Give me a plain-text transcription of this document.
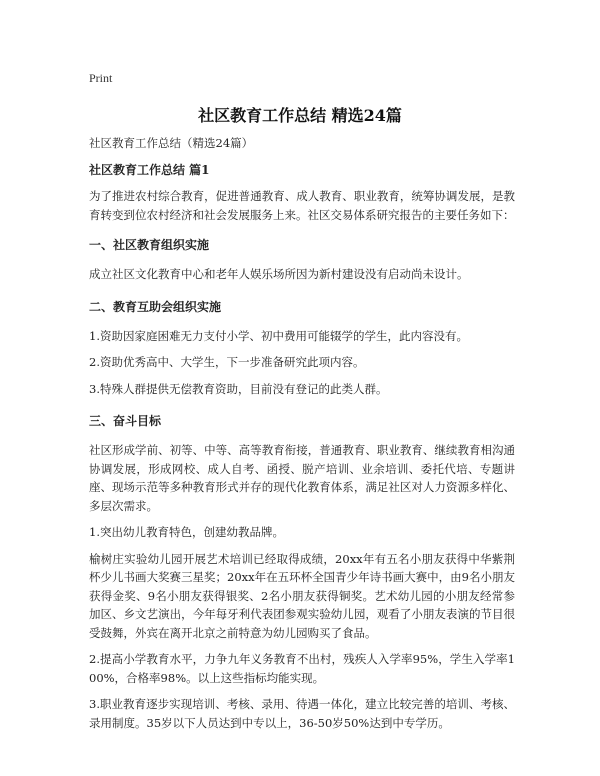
Print
社区教育工作总结 精选24篇

社区教育工作总结（精选24篇）

社区教育工作总结 篇1

为了推进农村综合教育，促进普通教育、成人教育、职业教育，统筹协调发展，是教育转变到位农村经济和社会发展服务上来。社区交易体系研究报告的主要任务如下：

一、社区教育组织实施

成立社区文化教育中心和老年人娱乐场所因为新村建设没有启动尚未设计。

二、教育互助会组织实施

1.资助因家庭困难无力支付小学、初中费用可能辍学的学生，此内容没有。

2.资助优秀高中、大学生，下一步准备研究此项内容。

3.特殊人群提供无偿教育资助，目前没有登记的此类人群。

三、奋斗目标

社区形成学前、初等、中等、高等教育衔接，普通教育、职业教育、继续教育相沟通协调发展，形成网校、成人自考、函授、脱产培训、业余培训、委托代培、专题讲座、现场示范等多种教育形式并存的现代化教育体系，满足社区对人力资源多样化、多层次需求。

1.突出幼儿教育特色，创建幼教品牌。

榆树庄实验幼儿园开展艺术培训已经取得成绩，20xx年有五名小朋友获得中华紫荆杯少儿书画大奖赛三星奖；20xx年在五环杯全国青少年诗书画大赛中，由9名小朋友获得金奖、9名小朋友获得银奖、2名小朋友获得铜奖。艺术幼儿园的小朋友经常参加区、乡文艺演出，今年每牙利代表团参观实验幼儿园，观看了小朋友表演的节目很受鼓舞，外宾在离开北京之前特意为幼儿园购买了食品。

2.提高小学教育水平，力争九年义务教育不出村，残疾人入学率95%，学生入学率100%，合格率98%。以上这些指标均能实现。

3.职业教育逐步实现培训、考核、录用、待遇一体化，建立比较完善的培训、考核、录用制度。35岁以下人员达到中专以上，36-50岁50%达到中专学历。
